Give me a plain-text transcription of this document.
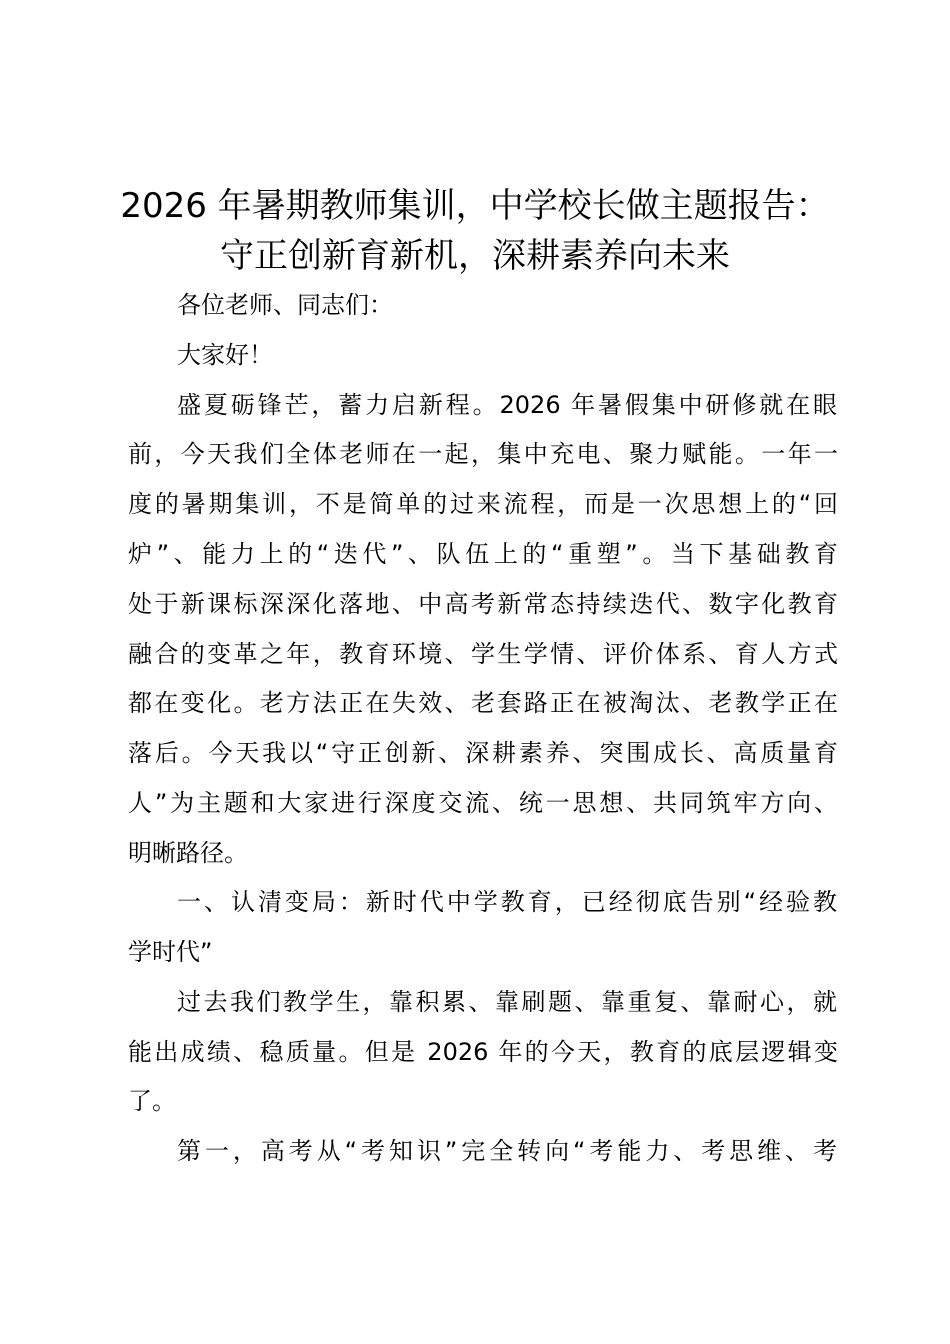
2026 年暑期教师集训，中学校长做主题报告：
守正创新育新机，深耕素养向未来

各位老师、同志们：

大家好！

盛夏砺锋芒，蓄力启新程。2026 年暑假集中研修就在眼

前，今天我们全体老师在一起，集中充电、聚力赋能。一年一

度的暑期集训，不是简单的过来流程，而是一次思想上的“回

炉”、能力上的“迭代”、队伍上的“重塑”。当下基础教育

处于新课标深深化落地、中高考新常态持续迭代、数字化教育

融合的变革之年，教育环境、学生学情、评价体系、育人方式

都在变化。老方法正在失效、老套路正在被淘汰、老教学正在

落后。今天我以“守正创新、深耕素养、突围成长、高质量育

人”为主题和大家进行深度交流、统一思想、共同筑牢方向、

明晰路径。

一、认清变局：新时代中学教育，已经彻底告别“经验教

学时代”

过去我们教学生，靠积累、靠刷题、靠重复、靠耐心，就

能出成绩、稳质量。但是 2026 年的今天，教育的底层逻辑变

了。

第一，高考从“考知识”完全转向“考能力、考思维、考
